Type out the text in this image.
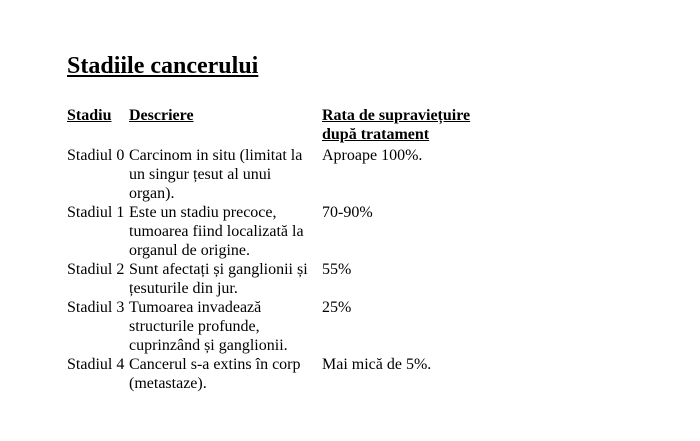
Stadiile cancerului
Stadiu	Descriere	Rata de supraviețuire după tratament
Stadiul 0	Carcinom in situ (limitat la un singur țesut al unui organ).	Aproape 100%.
Stadiul 1	Este un stadiu precoce, tumoarea fiind localizată la organul de origine.	70-90%
Stadiul 2	Sunt afectați și ganglionii și țesuturile din jur.	55%
Stadiul 3	Tumoarea invadează structurile profunde, cuprinzând și ganglionii.	25%
Stadiul 4	Cancerul s-a extins în corp (metastaze).	Mai mică de 5%.
